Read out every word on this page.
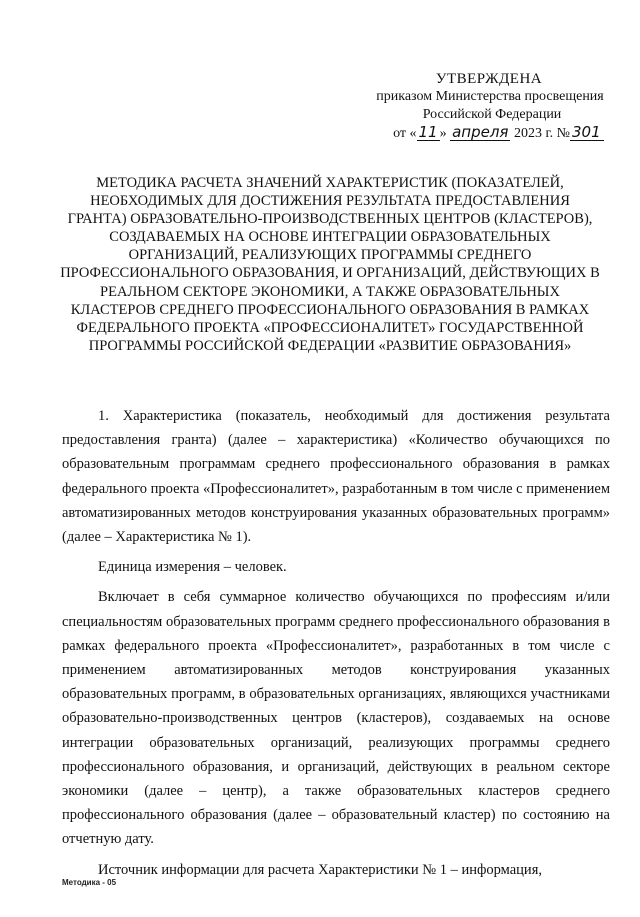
УТВЕРЖДЕНА
приказом Министерства просвещения
Российской Федерации
от « 11 »
апреля
2023 г. № 301
МЕТОДИКА РАСЧЕТА ЗНАЧЕНИЙ ХАРАКТЕРИСТИК (ПОКАЗАТЕЛЕЙ, НЕОБХОДИМЫХ ДЛЯ ДОСТИЖЕНИЯ РЕЗУЛЬТАТА ПРЕДОСТАВЛЕНИЯ ГРАНТА) ОБРАЗОВАТЕЛЬНО-ПРОИЗВОДСТВЕННЫХ ЦЕНТРОВ (КЛАСТЕРОВ), СОЗДАВАЕМЫХ НА ОСНОВЕ ИНТЕГРАЦИИ ОБРАЗОВАТЕЛЬНЫХ ОРГАНИЗАЦИЙ, РЕАЛИЗУЮЩИХ ПРОГРАММЫ СРЕДНЕГО ПРОФЕССИОНАЛЬНОГО ОБРАЗОВАНИЯ, И ОРГАНИЗАЦИЙ, ДЕЙСТВУЮЩИХ В РЕАЛЬНОМ СЕКТОРЕ ЭКОНОМИКИ, А ТАКЖЕ ОБРАЗОВАТЕЛЬНЫХ КЛАСТЕРОВ СРЕДНЕГО ПРОФЕССИОНАЛЬНОГО ОБРАЗОВАНИЯ В РАМКАХ ФЕДЕРАЛЬНОГО ПРОЕКТА «ПРОФЕССИОНАЛИТЕТ» ГОСУДАРСТВЕННОЙ ПРОГРАММЫ РОССИЙСКОЙ ФЕДЕРАЦИИ «РАЗВИТИЕ ОБРАЗОВАНИЯ»

1. Характеристика (показатель, необходимый для достижения результата предоставления гранта) (далее – характеристика) «Количество обучающихся по образовательным программам среднего профессионального образования в рамках федерального проекта «Профессионалитет», разработанным в том числе с применением автоматизированных методов конструирования указанных образовательных программ» (далее – Характеристика № 1).

Единица измерения – человек.

Включает в себя суммарное количество обучающихся по профессиям и/или специальностям образовательных программ среднего профессионального образования в рамках федерального проекта «Профессионалитет», разработанных в том числе с применением автоматизированных методов конструирования указанных образовательных программ, в образовательных организациях, являющихся участниками образовательно-производственных центров (кластеров), создаваемых на основе интеграции образовательных организаций, реализующих программы среднего профессионального образования, и организаций, действующих в реальном секторе экономики (далее – центр), а также образовательных кластеров среднего профессионального образования (далее – образовательный кластер) по состоянию на отчетную дату.

Источник информации для расчета Характеристики № 1 – информация,

Методика - 05
